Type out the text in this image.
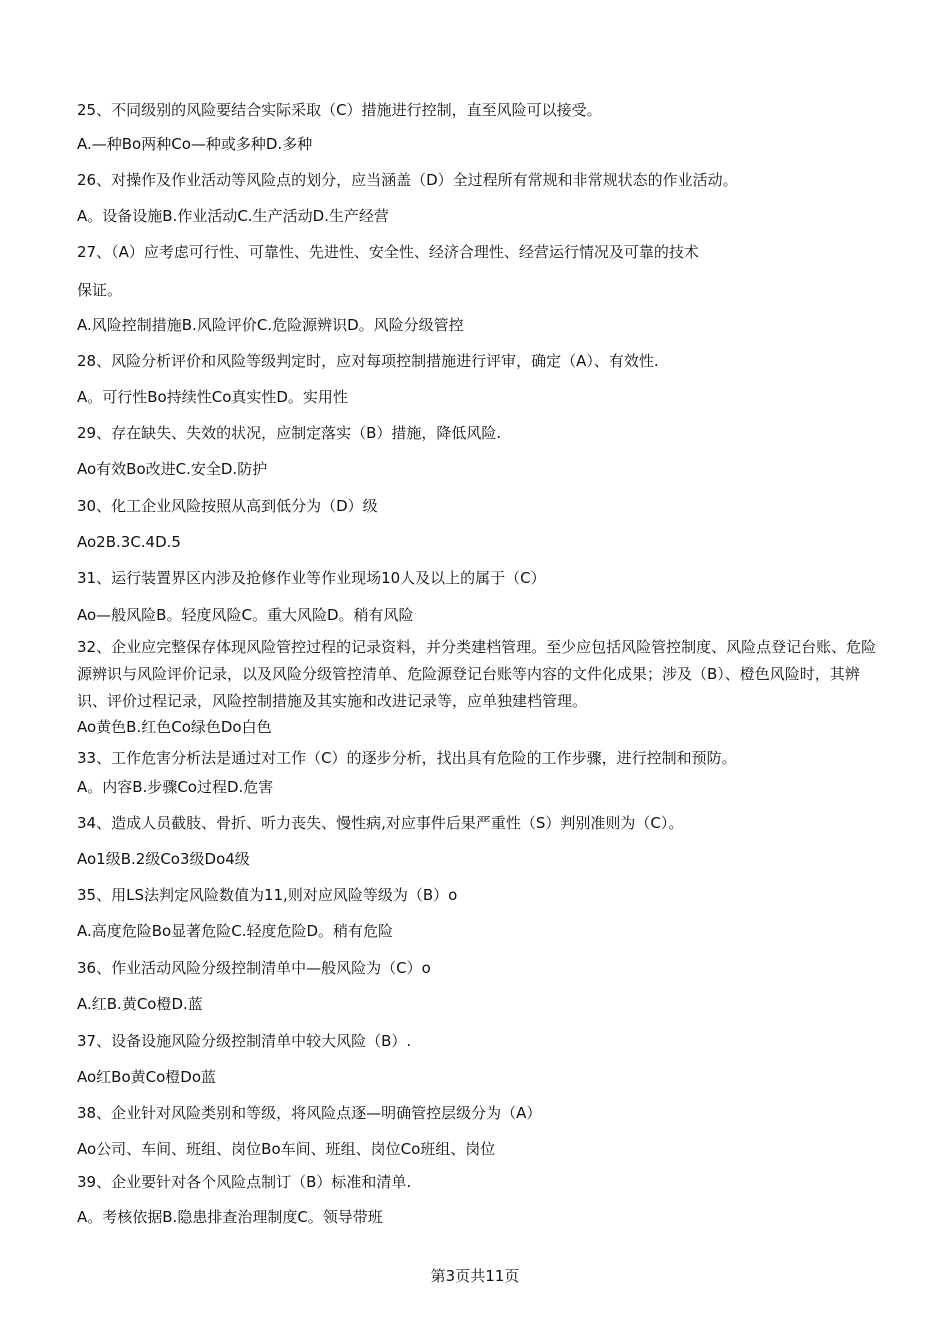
25、不同级别的风险要结合实际采取（C）措施进行控制，直至风险可以接受。
A.—种Bo两种Co—种或多种D.多种
26、对操作及作业活动等风险点的划分，应当涵盖（D）全过程所有常规和非常规状态的作业活动。
A。设备设施B.作业活动C.生产活动D.生产经营
27、（A）应考虑可行性、可靠性、先进性、安全性、经济合理性、经营运行情况及可靠的技术
保证。
A.风险控制措施B.风险评价C.危险源辨识D。风险分级管控
28、风险分析评价和风险等级判定时，应对每项控制措施进行评审，确定（A）、有效性.
A。可行性Bo持续性Co真实性D。实用性
29、存在缺失、失效的状况，应制定落实（B）措施，降低风险.
Ao有效Bo改进C.安全D.防护
30、化工企业风险按照从高到低分为（D）级
Ao2B.3C.4D.5
31、运行装置界区内涉及抢修作业等作业现场10人及以上的属于（C）
Ao—般风险B。轻度风险C。重大风险D。稍有风险
32、企业应完整保存体现风险管控过程的记录资料，并分类建档管理。至少应包括风险管控制度、风险点登记台账、危险源辨识与风险评价记录，以及风险分级管控清单、危险源登记台账等内容的文件化成果；涉及（B）、橙色风险时，其辨识、评价过程记录，风险控制措施及其实施和改进记录等，应单独建档管理。
Ao黄色B.红色Co绿色Do白色
33、工作危害分析法是通过对工作（C）的逐步分析，找出具有危险的工作步骤，进行控制和预防。
A。内容B.步骤Co过程D.危害
34、造成人员截肢、骨折、听力丧失、慢性病,对应事件后果严重性（S）判别准则为（C）。
Ao1级B.2级Co3级Do4级
35、用LS法判定风险数值为11,则对应风险等级为（B）o
A.高度危险Bo显著危险C.轻度危险D。稍有危险
36、作业活动风险分级控制清单中—般风险为（C）o
A.红B.黄Co橙D.蓝
37、设备设施风险分级控制清单中较大风险（B）.
Ao红Bo黄Co橙Do蓝
38、企业针对风险类别和等级，将风险点逐—明确管控层级分为（A）
Ao公司、车间、班组、岗位Bo车间、班组、岗位Co班组、岗位
39、企业要针对各个风险点制订（B）标准和清单.
A。考核依据B.隐患排查治理制度C。领导带班
第3页共11页
